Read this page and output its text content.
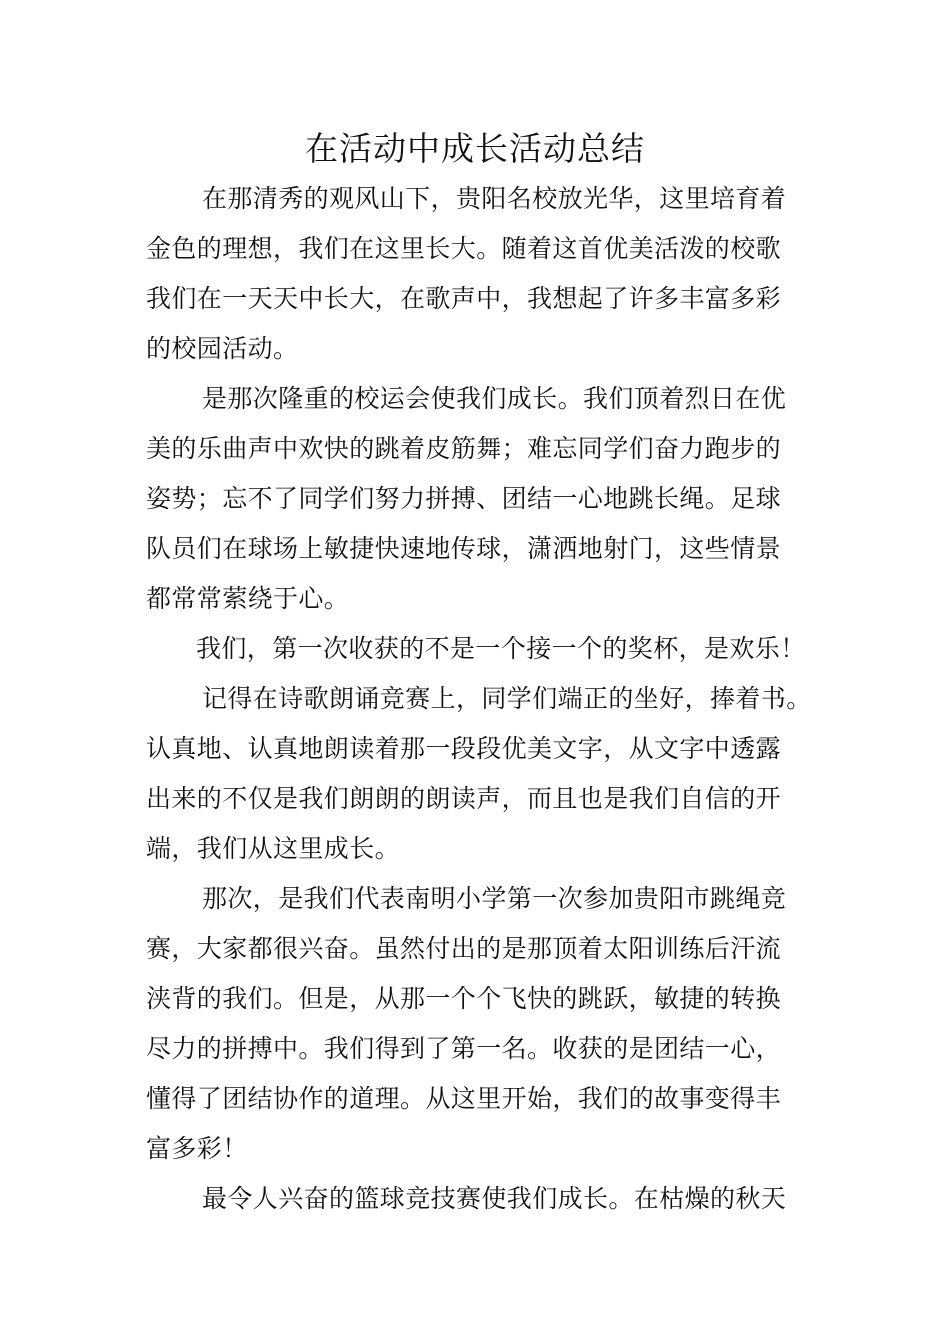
在活动中成长活动总结
在那清秀的观风山下，贵阳名校放光华，这里培育着
金色的理想，我们在这里长大。随着这首优美活泼的校歌
我们在一天天中长大，在歌声中，我想起了许多丰富多彩
的校园活动。
是那次隆重的校运会使我们成长。我们顶着烈日在优
美的乐曲声中欢快的跳着皮筋舞；难忘同学们奋力跑步的
姿势；忘不了同学们努力拼搏、团结一心地跳长绳。足球
队员们在球场上敏捷快速地传球，潇洒地射门，这些情景
都常常萦绕于心。
我们，第一次收获的不是一个接一个的奖杯，是欢乐！
记得在诗歌朗诵竞赛上，同学们端正的坐好，捧着书。
认真地、认真地朗读着那一段段优美文字，从文字中透露
出来的不仅是我们朗朗的朗读声，而且也是我们自信的开
端，我们从这里成长。
那次，是我们代表南明小学第一次参加贵阳市跳绳竞
赛，大家都很兴奋。虽然付出的是那顶着太阳训练后汗流
浃背的我们。但是，从那一个个飞快的跳跃，敏捷的转换
尽力的拼搏中。我们得到了第一名。收获的是团结一心，
懂得了团结协作的道理。从这里开始，我们的故事变得丰
富多彩！
最令人兴奋的篮球竞技赛使我们成长。在枯燥的秋天
